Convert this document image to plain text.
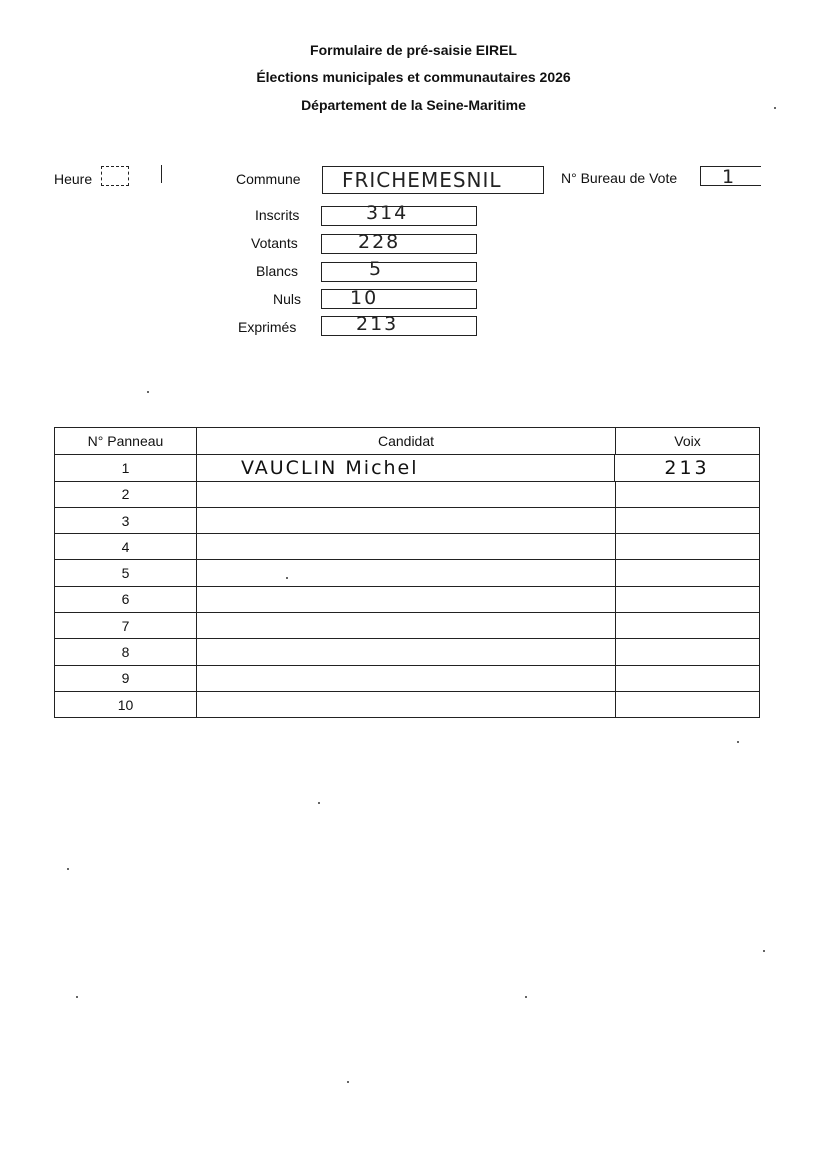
Formulaire de pré-saisie EIREL
Élections municipales et communautaires 2026
Département de la Seine-Maritime
Heure	Commune FRICHEMESNIL	N° Bureau de Vote 1
Inscrits	314
Votants	228
Blancs	5
Nuls	10
Exprimés	213
N° Panneau	Candidat	Voix
1	VAUCLIN Michel	213
2
3
4
5
6
7
8
9
10
